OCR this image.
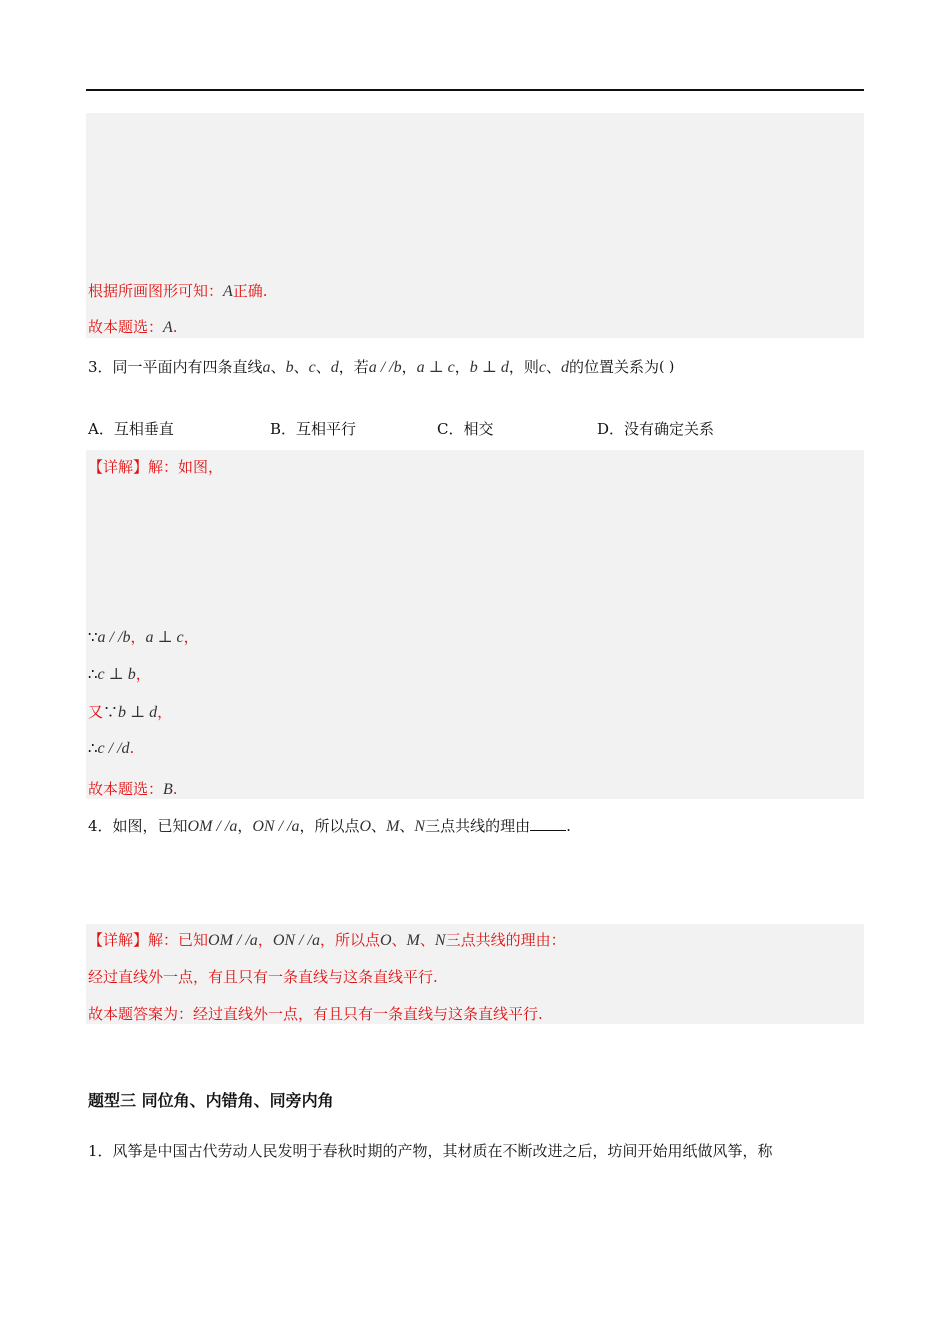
根据所画图形可知：A正确.
故本题选：A.
3．同一平面内有四条直线a、b、c、d，若a / /b，a ⊥ c，b ⊥ d，则c、d的位置关系为( )
A．互相垂直	B．互相平行	C．相交	D．没有确定关系
【详解】解：如图，
∵a / /b，a ⊥ c，
∴c ⊥ b，
又∵b ⊥ d，
∴c / /d.
故本题选：B.
4．如图，已知OM / /a，ON / /a，所以点O、M、N三点共线的理由 .
【详解】解：已知OM / /a，ON / /a，所以点O、M、N三点共线的理由：
经过直线外一点，有且只有一条直线与这条直线平行.
故本题答案为：经过直线外一点，有且只有一条直线与这条直线平行.
题型三 同位角、内错角、同旁内角
1．风筝是中国古代劳动人民发明于春秋时期的产物，其材质在不断改进之后，坊间开始用纸做风筝，称
